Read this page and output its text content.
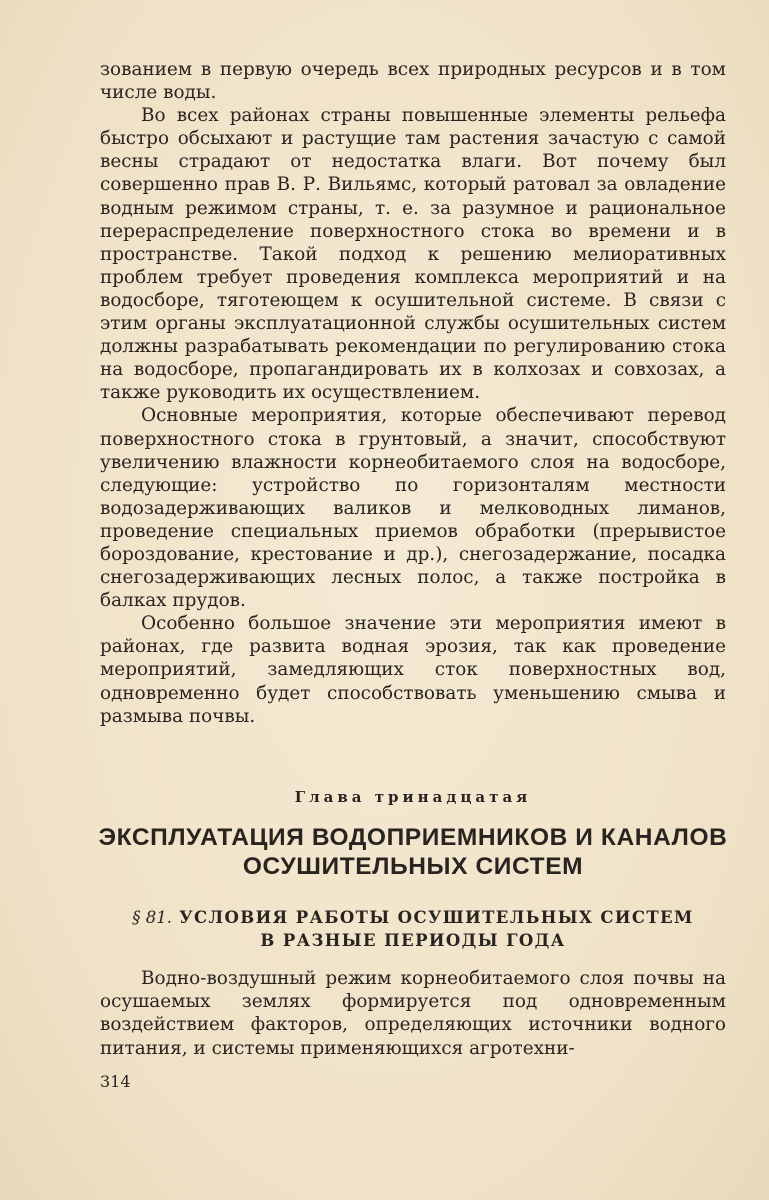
зованием в первую очередь всех природных ресурсов и в том числе воды.

Во всех районах страны повышенные элементы рельефа быстро обсыхают и растущие там растения зачастую с самой весны страдают от недостатка влаги. Вот почему был совершенно прав В. Р. Вильямс, который ратовал за овладение водным режимом страны, т. е. за разумное и рациональное перераспределение поверхностного стока во времени и в пространстве. Такой подход к решению мелиоративных проблем требует проведения комплекса мероприятий и на водосборе, тяготеющем к осушительной системе. В связи с этим органы эксплуатационной службы осушительных систем должны разрабатывать рекомендации по регулированию стока на водосборе, пропагандировать их в колхозах и совхозах, а также руководить их осуществлением.

Основные мероприятия, которые обеспечивают перевод поверхностного стока в грунтовый, а значит, способствуют увеличению влажности корнеобитаемого слоя на водосборе, следующие: устройство по горизонталям местности водозадерживающих валиков и мелководных лиманов, проведение специальных приемов обработки (прерывистое бороздование, крестование и др.), снегозадержание, посадка снегозадерживающих лесных полос, а также постройка в балках прудов.

Особенно большое значение эти мероприятия имеют в районах, где развита водная эрозия, так как проведение мероприятий, замедляющих сток поверхностных вод, одновременно будет способствовать уменьшению смыва и размыва почвы.

Глава тринадцатая
ЭКСПЛУАТАЦИЯ ВОДОПРИЕМНИКОВ И КАНАЛОВ
ОСУШИТЕЛЬНЫХ СИСТЕМ
§ 81. УСЛОВИЯ РАБОТЫ ОСУШИТЕЛЬНЫХ СИСТЕМ
В РАЗНЫЕ ПЕРИОДЫ ГОДА

Водно-воздушный режим корнеобитаемого слоя почвы на осушаемых землях формируется под одновременным воздействием факторов, определяющих источники водного питания, и системы применяющихся агротехни-

314
